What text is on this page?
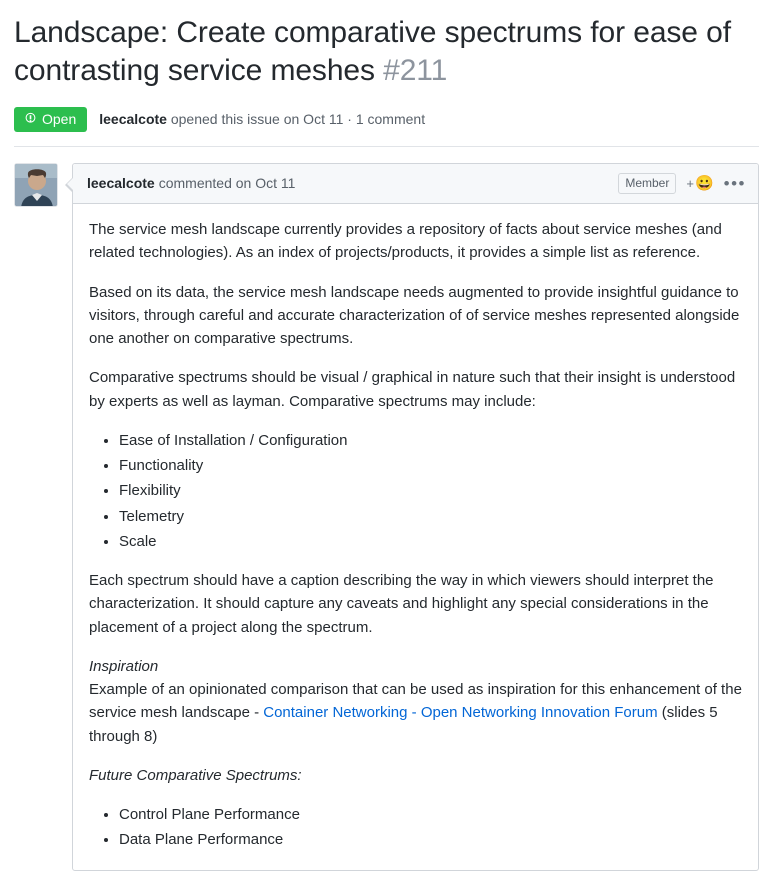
Landscape: Create comparative spectrums for ease of contrasting service meshes #211
Open leecalcote opened this issue on Oct 11 · 1 comment
leecalcote commented on Oct 11	Member	+ 😀 •••

The service mesh landscape currently provides a repository of facts about service meshes (and related technologies). As an index of projects/products, it provides a simple list as reference.

Based on its data, the service mesh landscape needs augmented to provide insightful guidance to visitors, through careful and accurate characterization of of service meshes represented alongside one another on comparative spectrums.

Comparative spectrums should be visual / graphical in nature such that their insight is understood by experts as well as layman. Comparative spectrums may include:

• Ease of Installation / Configuration
• Functionality
• Flexibility
• Telemetry
• Scale

Each spectrum should have a caption describing the way in which viewers should interpret the characterization. It should capture any caveats and highlight any special considerations in the placement of a project along the spectrum.

Inspiration

Example of an opinionated comparison that can be used as inspiration for this enhancement of the service mesh landscape - Container Networking - Open Networking Innovation Forum (slides 5 through 8)

Future Comparative Spectrums:

• Control Plane Performance
• Data Plane Performance
